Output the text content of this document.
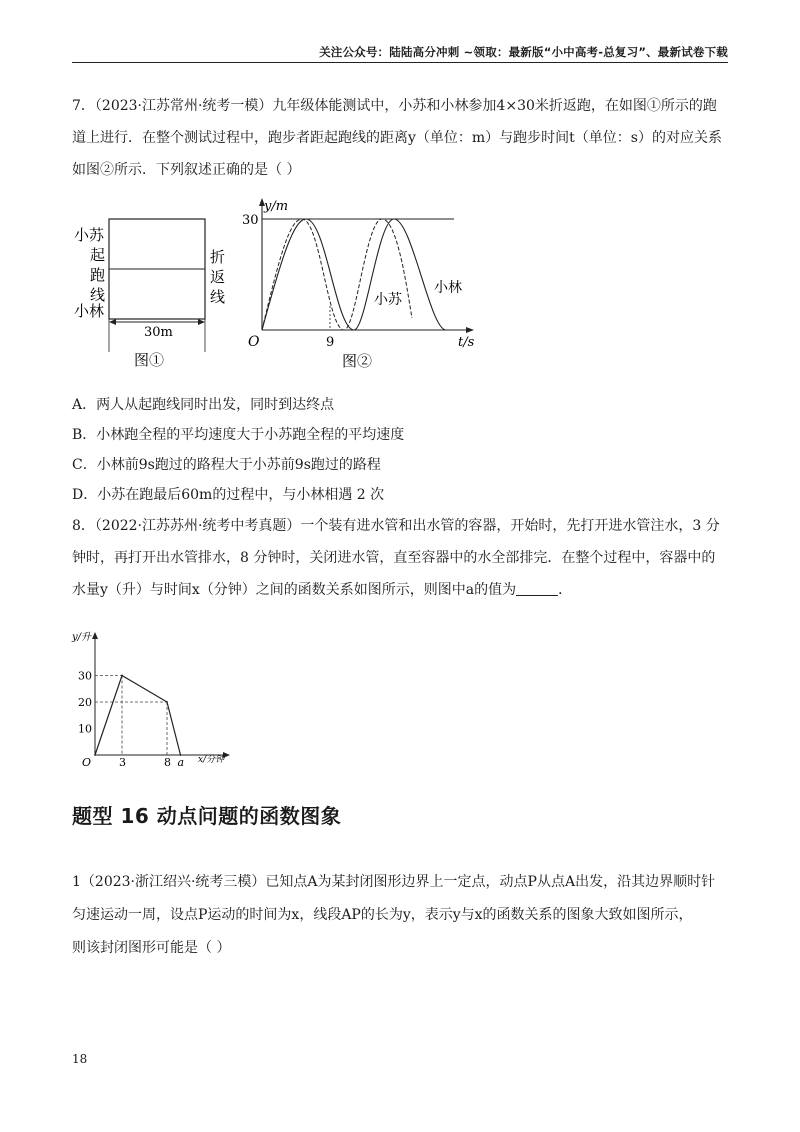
关注公众号：陆陆高分冲刺 ~领取：最新版“小中高考-总复习”、最新试卷下载
7．（2023·江苏常州·统考一模）九年级体能测试中，小苏和小林参加4×30米折返跑，在如图①所示的跑
道上进行．在整个测试过程中，跑步者距起跑线的距离y（单位：m）与跑步时间t（单位：s）的对应关系
如图②所示．下列叙述正确的是（ ）
小苏
起
跑
线
小林
折
返
线
30m
图①
y/m
30
O	9	t/s
小苏
小林
图②
A．两人从起跑线同时出发，同时到达终点
B．小林跑全程的平均速度大于小苏跑全程的平均速度
C．小林前9s跑过的路程大于小苏前9s跑过的路程
D．小苏在跑最后60m的过程中，与小林相遇 2 次
8．（2022·江苏苏州·统考中考真题）一个装有进水管和出水管的容器，开始时，先打开进水管注水，3 分
钟时，再打开出水管排水，8 分钟时，关闭进水管，直至容器中的水全部排完．在整个过程中，容器中的
水量y（升）与时间x（分钟）之间的函数关系如图所示，则图中a的值为	．
y/升
x/分钟
O
30
20
10
3	8 a
题型 16 动点问题的函数图象
1（2023·浙江绍兴·统考三模）已知点A为某封闭图形边界上一定点，动点P从点A出发，沿其边界顺时针
匀速运动一周，设点P运动的时间为x，线段AP的长为y，表示y与x的函数关系的图象大致如图所示，
则该封闭图形可能是（ ）
18
